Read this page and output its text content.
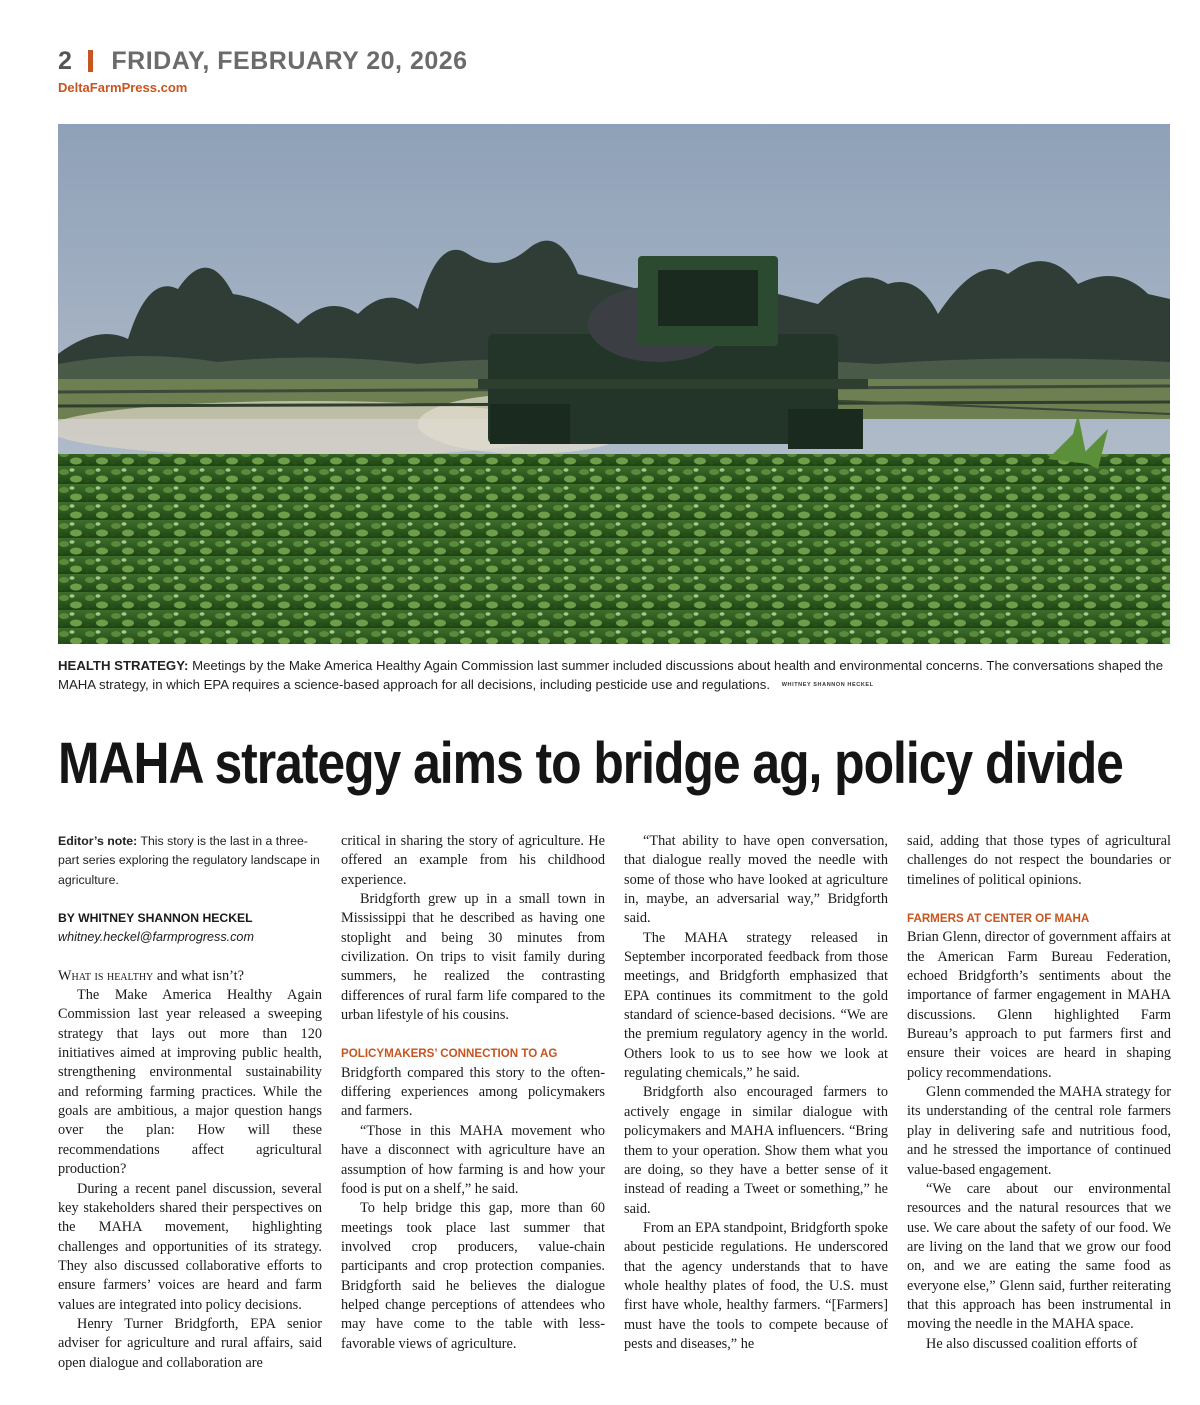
2 FRIDAY, FEBRUARY 20, 2026
DeltaFarmPress.com
HEALTH STRATEGY: Meetings by the Make America Healthy Again Commission last summer included discussions about health and environmental concerns. The conversations shaped the MAHA strategy, in which EPA requires a science-based approach for all decisions, including pesticide use and regulations. WHITNEY SHANNON HECKEL
MAHA strategy aims to bridge ag, policy divide
Editor’s note: This story is the last in a three-part series exploring the regulatory landscape in agriculture.
BY WHITNEY SHANNON HECKEL
whitney.heckel@farmprogress.com

What is healthy and what isn’t?

The Make America Healthy Again Commission last year released a sweeping strategy that lays out more than 120 initiatives aimed at improving public health, strengthening environmental sustainability and reforming farming practices. While the goals are ambitious, a major question hangs over the plan: How will these recommendations affect agricultural production?

During a recent panel discussion, several key stakeholders shared their perspectives on the MAHA movement, highlighting challenges and opportunities of its strategy. They also discussed collaborative efforts to ensure farmers’ voices are heard and farm values are integrated into policy decisions.

Henry Turner Bridgforth, EPA senior adviser for agriculture and rural affairs, said open dialogue and collaboration are

critical in sharing the story of agriculture. He offered an example from his childhood experience.

Bridgforth grew up in a small town in Mississippi that he described as having one stoplight and being 30 minutes from civilization. On trips to visit family during summers, he realized the contrasting differences of rural farm life compared to the urban lifestyle of his cousins.

POLICYMAKERS’ CONNECTION TO AG

Bridgforth compared this story to the often-differing experiences among policymakers and farmers.

“Those in this MAHA movement who have a disconnect with agriculture have an assumption of how farming is and how your food is put on a shelf,” he said.

To help bridge this gap, more than 60 meetings took place last summer that involved crop producers, value-chain participants and crop protection companies. Bridgforth said he believes the dialogue helped change perceptions of attendees who may have come to the table with less-favorable views of agriculture.

“That ability to have open conversation, that dialogue really moved the needle with some of those who have looked at agriculture in, maybe, an adversarial way,” Bridgforth said.

The MAHA strategy released in September incorporated feedback from those meetings, and Bridgforth emphasized that EPA continues its commitment to the gold standard of science-based decisions. “We are the premium regulatory agency in the world. Others look to us to see how we look at regulating chemicals,” he said.

Bridgforth also encouraged farmers to actively engage in similar dialogue with policymakers and MAHA influencers. “Bring them to your operation. Show them what you are doing, so they have a better sense of it instead of reading a Tweet or something,” he said.

From an EPA standpoint, Bridgforth spoke about pesticide regulations. He underscored that the agency understands that to have whole healthy plates of food, the U.S. must first have whole, healthy farmers. “[Farmers] must have the tools to compete because of pests and diseases,” he

said, adding that those types of agricultural challenges do not respect the boundaries or timelines of political opinions.

FARMERS AT CENTER OF MAHA

Brian Glenn, director of government affairs at the American Farm Bureau Federation, echoed Bridgforth’s sentiments about the importance of farmer engagement in MAHA discussions. Glenn highlighted Farm Bureau’s approach to put farmers first and ensure their voices are heard in shaping policy recommendations.

Glenn commended the MAHA strategy for its understanding of the central role farmers play in delivering safe and nutritious food, and he stressed the importance of continued value-based engagement.

“We care about our environmental resources and the natural resources that we use. We care about the safety of our food. We are living on the land that we grow our food on, and we are eating the same food as everyone else,” Glenn said, further reiterating that this approach has been instrumental in moving the needle in the MAHA space.

He also discussed coalition efforts of
